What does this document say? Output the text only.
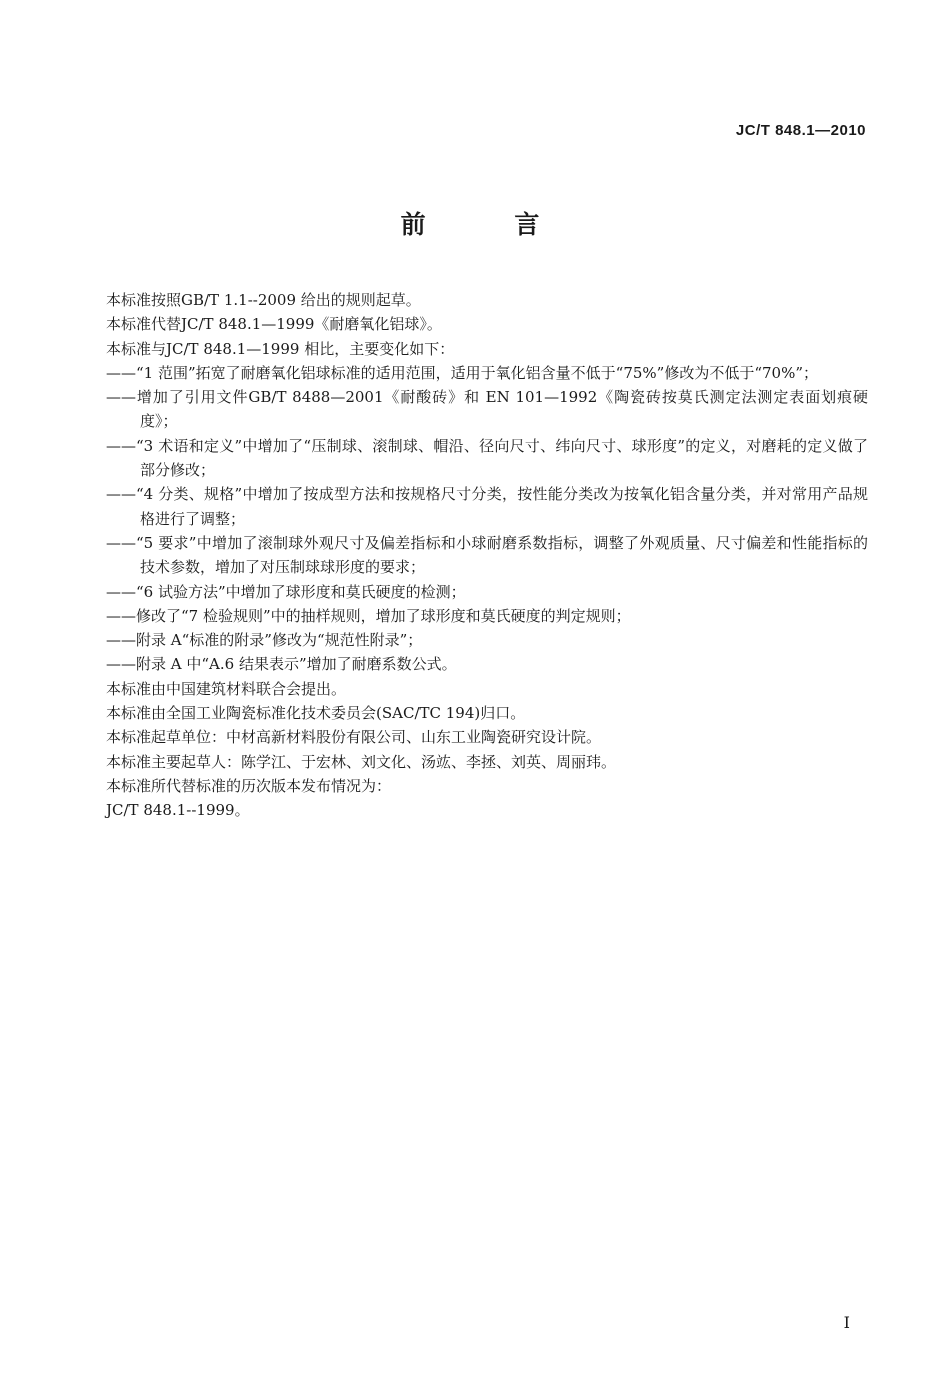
JC/T 848.1—2010
前 言

本标准按照GB/T 1.1--2009 给出的规则起草。

本标准代替JC/T 848.1—1999《耐磨氧化铝球》。

本标准与JC/T 848.1—1999 相比，主要变化如下：

——“1 范围”拓宽了耐磨氧化铝球标准的适用范围，适用于氧化铝含量不低于“75%”修改为不低于“70%”；

——增加了引用文件GB/T 8488—2001《耐酸砖》和 EN 101—1992《陶瓷砖按莫氏测定法测定表面划痕硬度》；

——“3 术语和定义”中增加了“压制球、滚制球、帽沿、径向尺寸、纬向尺寸、球形度”的定义，对磨耗的定义做了部分修改；

——“4 分类、规格”中增加了按成型方法和按规格尺寸分类，按性能分类改为按氧化铝含量分类，并对常用产品规格进行了调整；

——“5 要求”中增加了滚制球外观尺寸及偏差指标和小球耐磨系数指标，调整了外观质量、尺寸偏差和性能指标的技术参数，增加了对压制球球形度的要求；

——“6 试验方法”中增加了球形度和莫氏硬度的检测；

——修改了“7 检验规则”中的抽样规则，增加了球形度和莫氏硬度的判定规则；

——附录 A“标准的附录”修改为“规范性附录”；

——附录 A 中“A.6 结果表示”增加了耐磨系数公式。

本标准由中国建筑材料联合会提出。

本标准由全国工业陶瓷标准化技术委员会(SAC/TC 194)归口。

本标准起草单位：中材高新材料股份有限公司、山东工业陶瓷研究设计院。

本标准主要起草人：陈学江、于宏林、刘文化、汤竑、李拯、刘英、周丽玮。

本标准所代替标准的历次版本发布情况为：

JC/T 848.1--1999。

I
